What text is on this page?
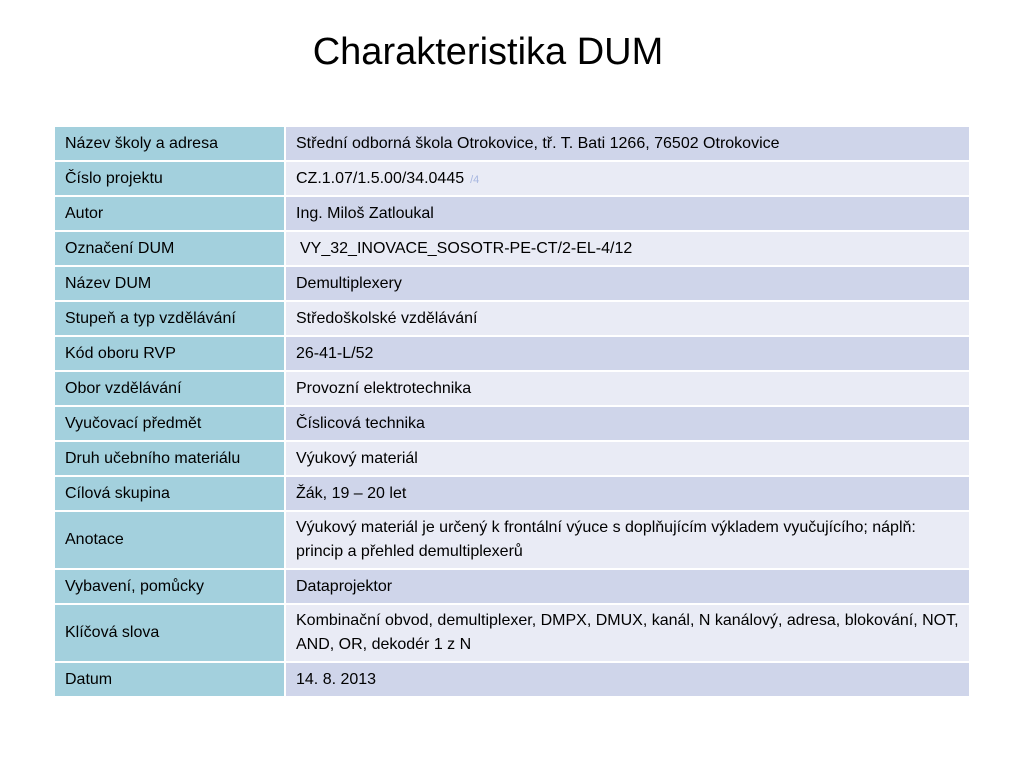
Charakteristika DUM
Název školy a adresa	Střední odborná škola Otrokovice, tř. T. Bati 1266, 76502 Otrokovice
Číslo projektu	CZ.1.07/1.5.00/34.0445 /4
Autor	Ing. Miloš Zatloukal
Označení DUM	VY_32_INOVACE_SOSOTR-PE-CT/2-EL-4/12
Název DUM	Demultiplexery
Stupeň a typ vzdělávání	Středoškolské vzdělávání
Kód oboru RVP	26-41-L/52
Obor vzdělávání	Provozní elektrotechnika
Vyučovací předmět	Číslicová technika
Druh učebního materiálu	Výukový materiál
Cílová skupina	Žák, 19 – 20 let
Anotace	Výukový materiál je určený k frontální výuce s doplňujícím výkladem vyučujícího; náplň: princip a přehled demultiplexerů
Vybavení, pomůcky	Dataprojektor
Klíčová slova	Kombinační obvod, demultiplexer, DMPX, DMUX, kanál, N kanálový, adresa, blokování, NOT, AND, OR, dekodér 1 z N
Datum	14. 8. 2013
